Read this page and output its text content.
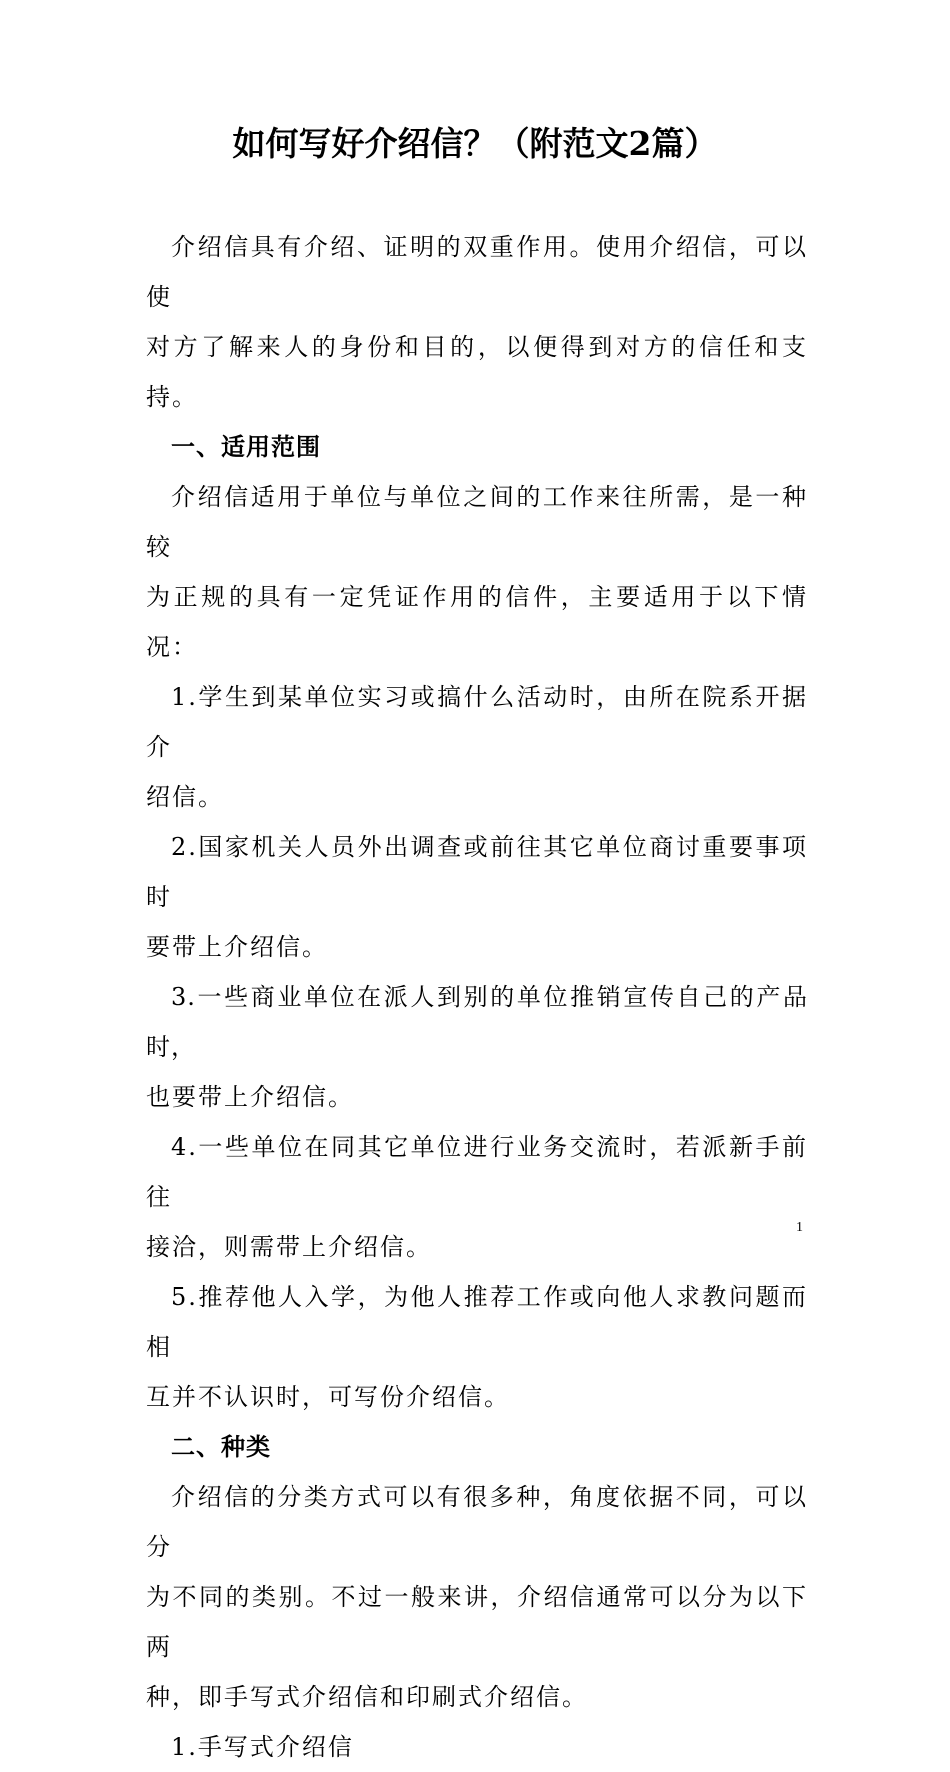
如何写好介绍信？（附范文2篇）

介绍信具有介绍、证明的双重作用。使用介绍信，可以使
对方了解来人的身份和目的，以便得到对方的信任和支持。

一、适用范围

介绍信适用于单位与单位之间的工作来往所需，是一种较
为正规的具有一定凭证作用的信件，主要适用于以下情况：

1.学生到某单位实习或搞什么活动时，由所在院系开据介
绍信。

2.国家机关人员外出调查或前往其它单位商讨重要事项时
要带上介绍信。

3.一些商业单位在派人到别的单位推销宣传自己的产品时，
也要带上介绍信。

4.一些单位在同其它单位进行业务交流时，若派新手前往
接洽，则需带上介绍信。

5.推荐他人入学，为他人推荐工作或向他人求教问题而相
互并不认识时，可写份介绍信。

二、种类

介绍信的分类方式可以有很多种，角度依据不同，可以分
为不同的类别。不过一般来讲，介绍信通常可以分为以下两
种，即手写式介绍信和印刷式介绍信。

1.手写式介绍信

1
